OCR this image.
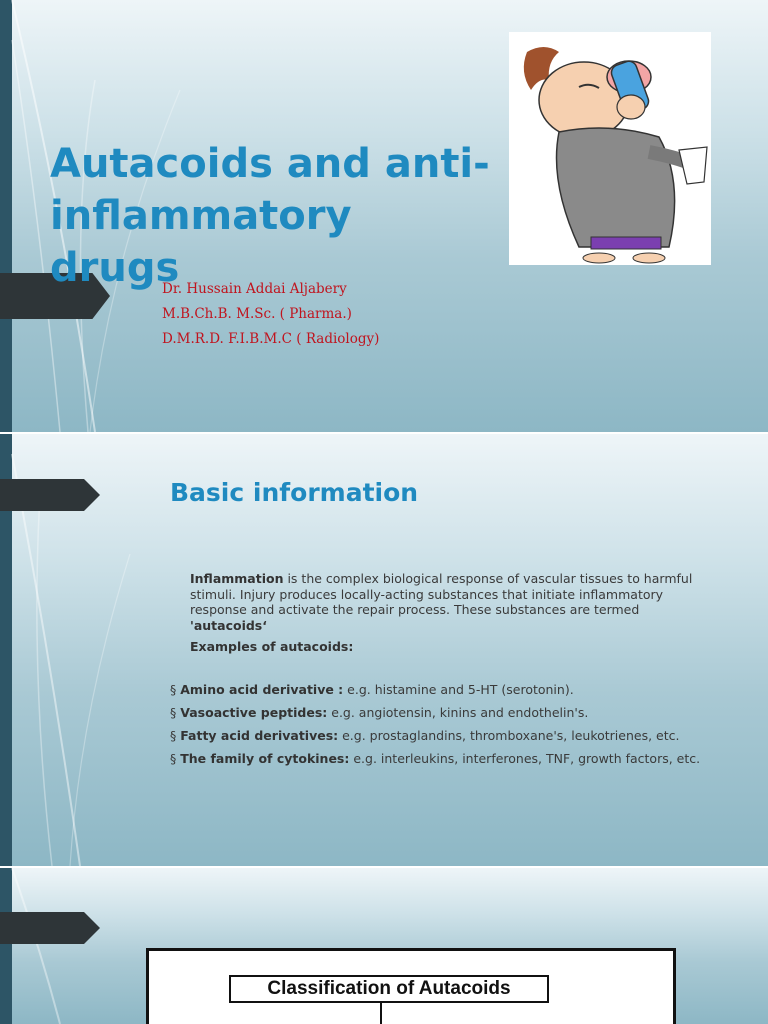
Autacoids and anti-inflammatory drugs
Dr. Hussain Addai Aljabery
M.B.Ch.B. M.Sc. ( Pharma.)
D.M.R.D. F.I.B.M.C ( Radiology)
Basic information
Inflammation is the complex biological response of vascular tissues to harmful stimuli. Injury produces locally-acting substances that initiate inflammatory response and activate the repair process. These substances are termed 'autacoids‘
Examples of autacoids:
§ Amino acid derivative : e.g. histamine and 5-HT (serotonin).
§ Vasoactive peptides: e.g. angiotensin, kinins and endothelin's.
§ Fatty acid derivatives: e.g. prostaglandins, thromboxane's, leukotrienes, etc.
§ The family of cytokines: e.g. interleukins, interferones, TNF, growth factors, etc.
Classification of Autacoids
